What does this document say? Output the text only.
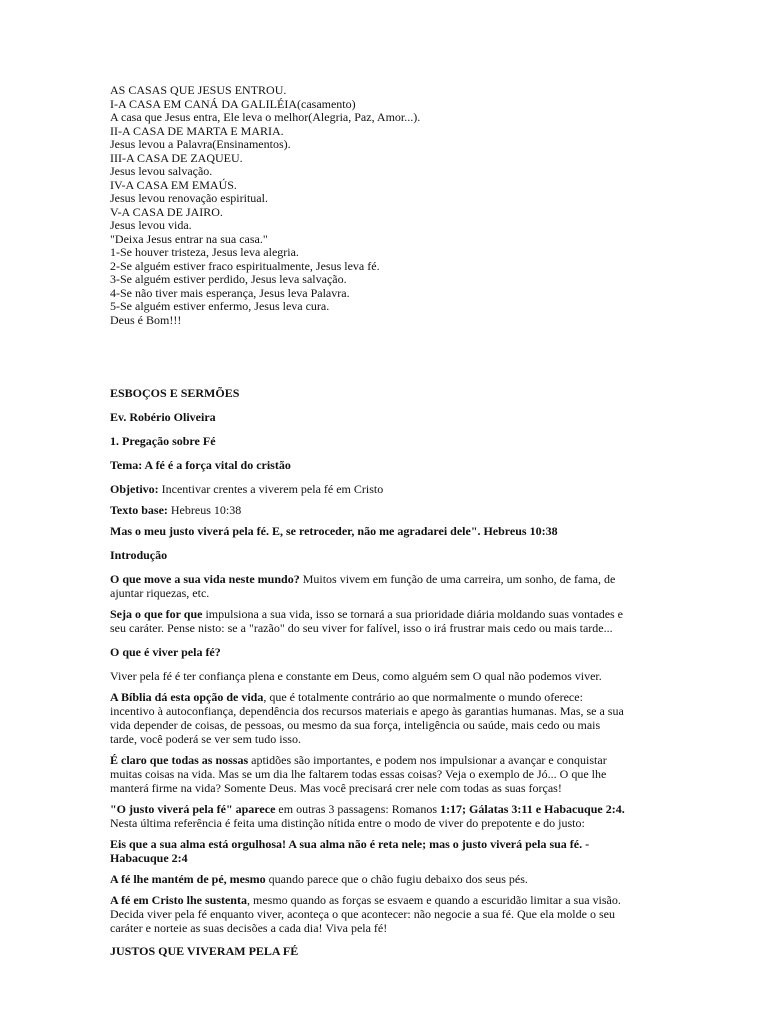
AS CASAS QUE JESUS ENTROU.
I-A CASA EM CANÁ DA GALILÉIA(casamento)
A casa que Jesus entra, Ele leva o melhor(Alegria, Paz, Amor...).
II-A CASA DE MARTA E MARIA.
Jesus levou a Palavra(Ensinamentos).
III-A CASA DE ZAQUEU.
Jesus levou salvação.
IV-A CASA EM EMAÚS.
Jesus levou renovação espiritual.
V-A CASA DE JAIRO.
Jesus levou vida.
"Deixa Jesus entrar na sua casa."
1-Se houver tristeza, Jesus leva alegria.
2-Se alguém estiver fraco espiritualmente, Jesus leva fé.
3-Se alguém estiver perdido, Jesus leva salvação.
4-Se não tiver mais esperança, Jesus leva Palavra.
5-Se alguém estiver enfermo, Jesus leva cura.
Deus é Bom!!!
ESBOÇOS E SERMÕES
Ev. Robério Oliveira
1. Pregação sobre Fé
Tema: A fé é a força vital do cristão
Objetivo: Incentivar crentes a viverem pela fé em Cristo
Texto base: Hebreus 10:38
Mas o meu justo viverá pela fé. E, se retroceder, não me agradarei dele". Hebreus 10:38
Introdução
O que move a sua vida neste mundo? Muitos vivem em função de uma carreira, um sonho, de fama, de ajuntar riquezas, etc.
Seja o que for que impulsiona a sua vida, isso se tornará a sua prioridade diária moldando suas vontades e seu caráter. Pense nisto: se a "razão" do seu viver for falível, isso o irá frustrar mais cedo ou mais tarde...
O que é viver pela fé?
Viver pela fé é ter confiança plena e constante em Deus, como alguém sem O qual não podemos viver.
A Bíblia dá esta opção de vida, que é totalmente contrário ao que normalmente o mundo oferece: incentivo à autoconfiança, dependência dos recursos materiais e apego às garantias humanas. Mas, se a sua vida depender de coisas, de pessoas, ou mesmo da sua força, inteligência ou saúde, mais cedo ou mais tarde, você poderá se ver sem tudo isso.
É claro que todas as nossas aptidões são importantes, e podem nos impulsionar a avançar e conquistar muitas coisas na vida. Mas se um dia lhe faltarem todas essas coisas? Veja o exemplo de Jó... O que lhe manterá firme na vida? Somente Deus. Mas você precisará crer nele com todas as suas forças!
"O justo viverá pela fé" aparece em outras 3 passagens: Romanos 1:17; Gálatas 3:11 e Habacuque 2:4. Nesta última referência é feita uma distinção nítida entre o modo de viver do prepotente e do justo:
Eis que a sua alma está orgulhosa! A sua alma não é reta nele; mas o justo viverá pela sua fé. - Habacuque 2:4
A fé lhe mantém de pé, mesmo quando parece que o chão fugiu debaixo dos seus pés.
A fé em Cristo lhe sustenta, mesmo quando as forças se esvaem e quando a escuridão limitar a sua visão. Decida viver pela fé enquanto viver, aconteça o que acontecer: não negocie a sua fé. Que ela molde o seu caráter e norteie as suas decisões a cada dia! Viva pela fé!
JUSTOS QUE VIVERAM PELA FÉ
